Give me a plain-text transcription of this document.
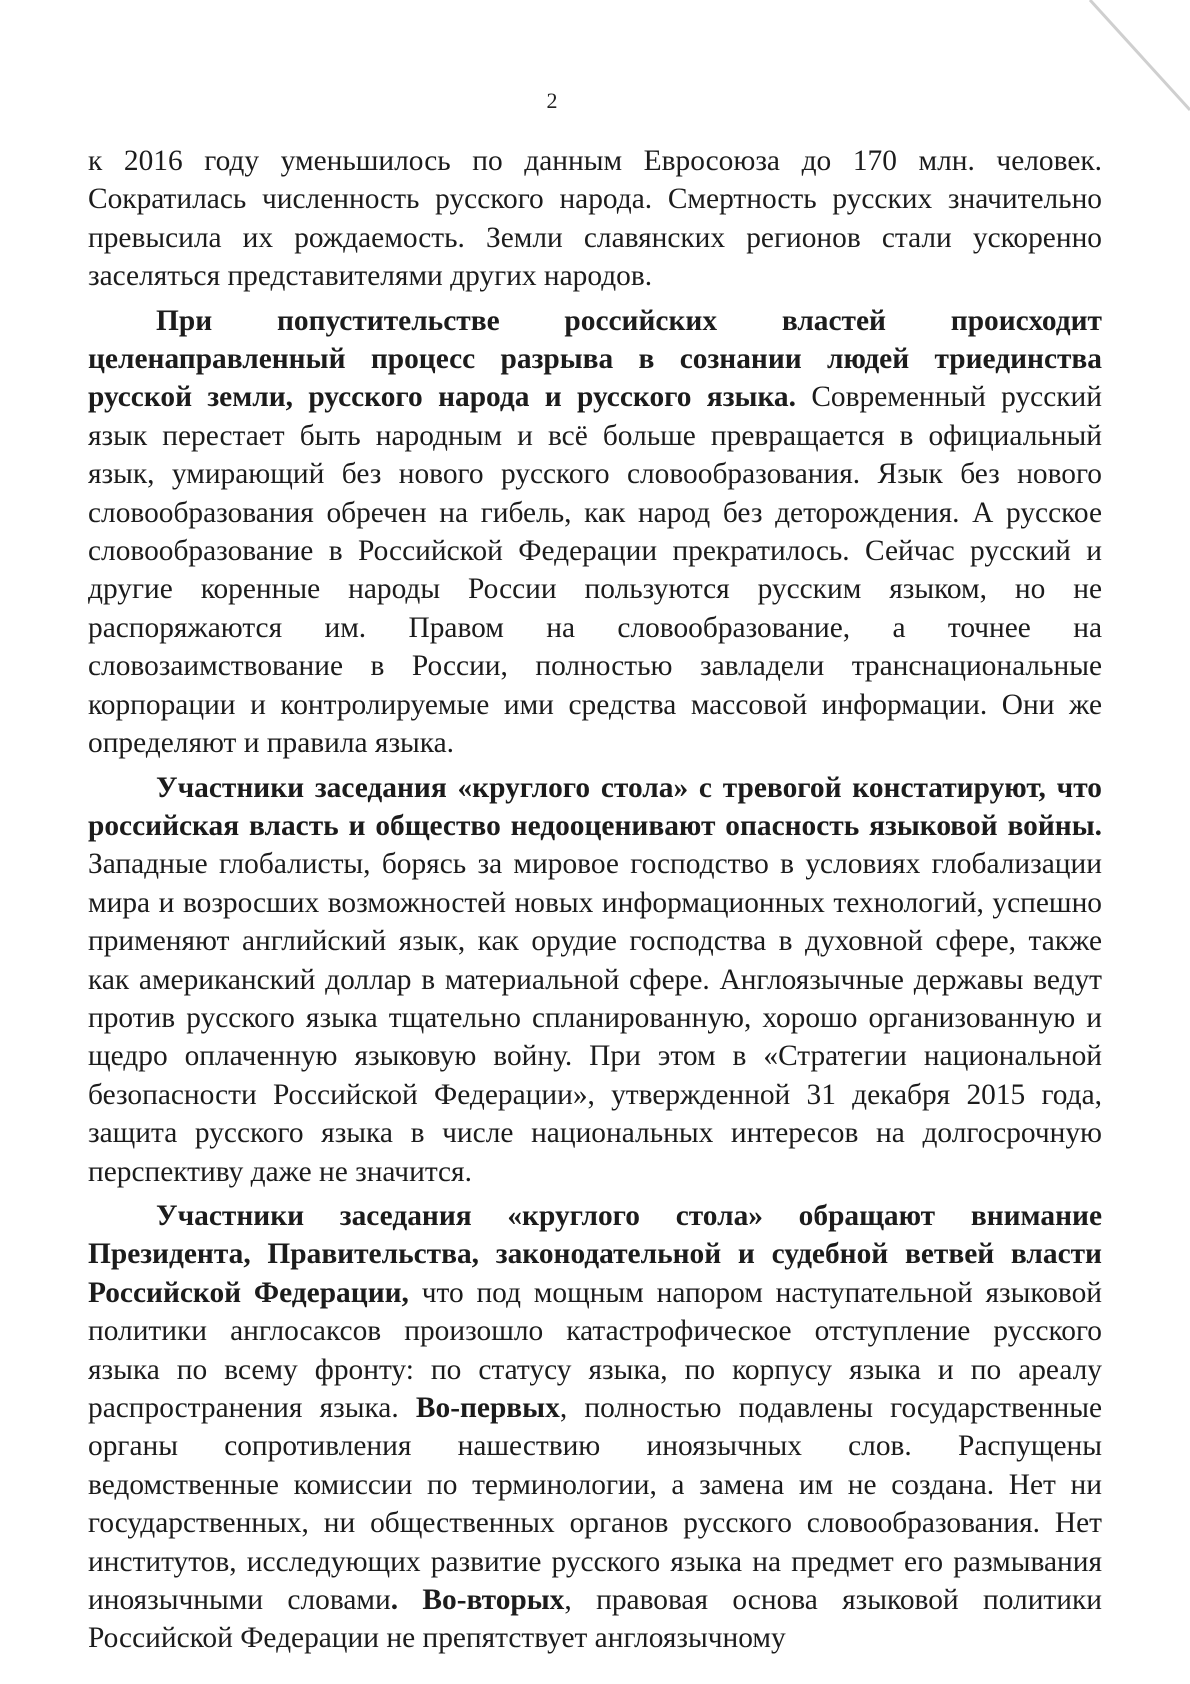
2

к 2016 году уменьшилось по данным Евросоюза до 170 млн. человек. Сократилась численность русского народа. Смертность русских значительно превысила их рождаемость. Земли славянских регионов стали ускоренно заселяться представителями других народов.

При попустительстве российских властей происходит целенаправленный процесс разрыва в сознании людей триединства русской земли, русского народа и русского языка. Современный русский язык перестает быть народным и всё больше превращается в официальный язык, умирающий без нового русского словообразования. Язык без нового словообразования обречен на гибель, как народ без деторождения. А русское словообразование в Российской Федерации прекратилось. Сейчас русский и другие коренные народы России пользуются русским языком, но не распоряжаются им. Правом на словообразование, а точнее на словозаимствование в России, полностью завладели транснациональные корпорации и контролируемые ими средства массовой информации. Они же определяют и правила языка.

Участники заседания «круглого стола» с тревогой констатируют, что российская власть и общество недооценивают опасность языковой войны. Западные глобалисты, борясь за мировое господство в условиях глобализации мира и возросших возможностей новых информационных технологий, успешно применяют английский язык, как орудие господства в духовной сфере, также как американский доллар в материальной сфере. Англоязычные державы ведут против русского языка тщательно спланированную, хорошо организованную и щедро оплаченную языковую войну. При этом в «Стратегии национальной безопасности Российской Федерации», утвержденной 31 декабря 2015 года, защита русского языка в числе национальных интересов на долгосрочную перспективу даже не значится.

Участники заседания «круглого стола» обращают внимание Президента, Правительства, законодательной и судебной ветвей власти Российской Федерации, что под мощным напором наступательной языковой политики англосаксов произошло катастрофическое отступление русского языка по всему фронту: по статусу языка, по корпусу языка и по ареалу распространения языка. Во-первых, полностью подавлены государственные органы сопротивления нашествию иноязычных слов. Распущены ведомственные комиссии по терминологии, а замена им не создана. Нет ни государственных, ни общественных органов русского словообразования. Нет институтов, исследующих развитие русского языка на предмет его размывания иноязычными словами. Во-вторых, правовая основа языковой политики Российской Федерации не препятствует англоязычному
